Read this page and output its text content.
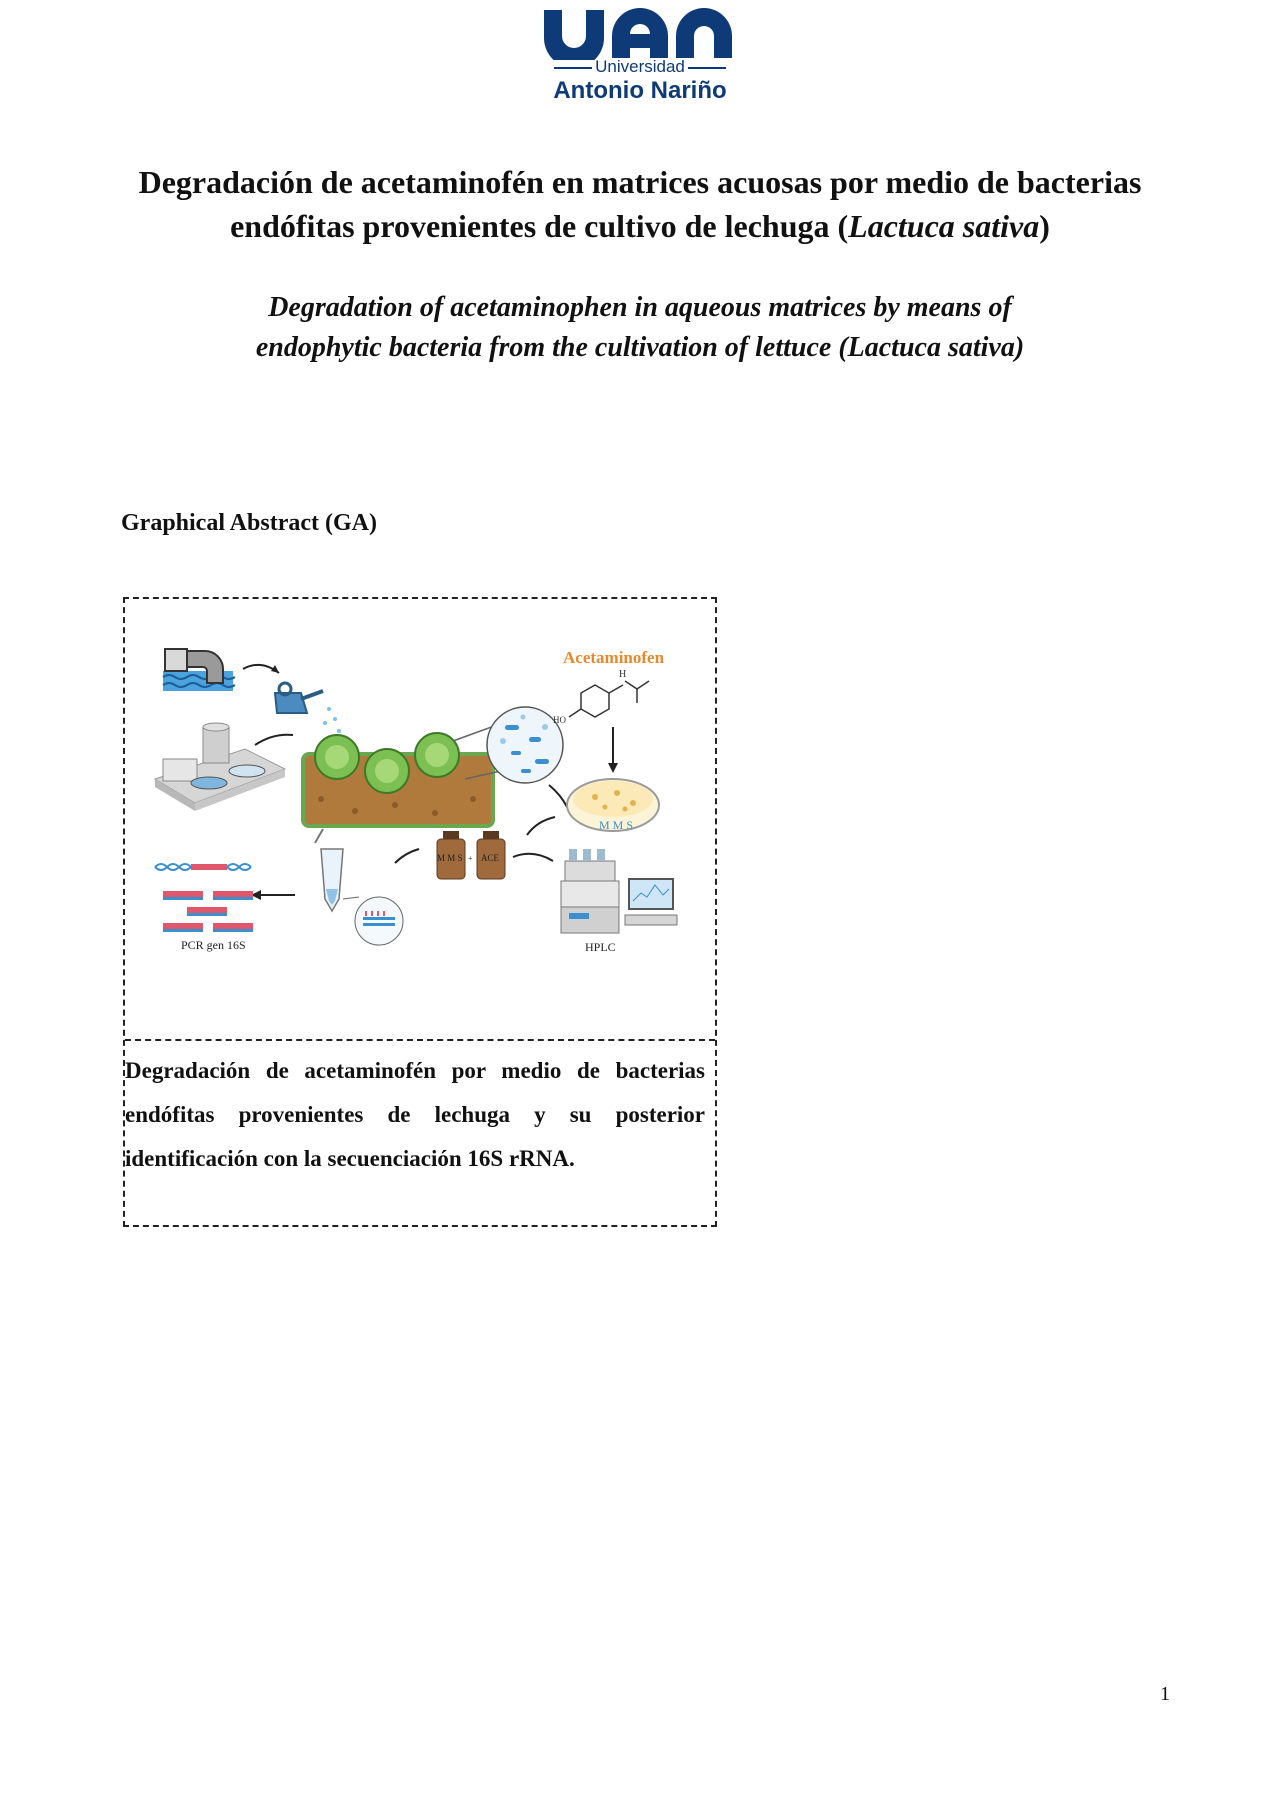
Universidad
Antonio Nariño
Degradación de acetaminofén en matrices acuosas por medio de bacterias
endófitas provenientes de cultivo de lechuga (Lactuca sativa)
Degradation of acetaminophen in aqueous matrices by means of
endophytic bacteria from the cultivation of lettuce (Lactuca sativa)
Graphical Abstract (GA)
Acetaminofen
H
HO
M M S
M M S + ACE
HPLC
PCR gen 16S
Degradación de acetaminofén por medio de bacterias endófitas provenientes de lechuga y su posterior identificación con la secuenciación 16S rRNA.
1
